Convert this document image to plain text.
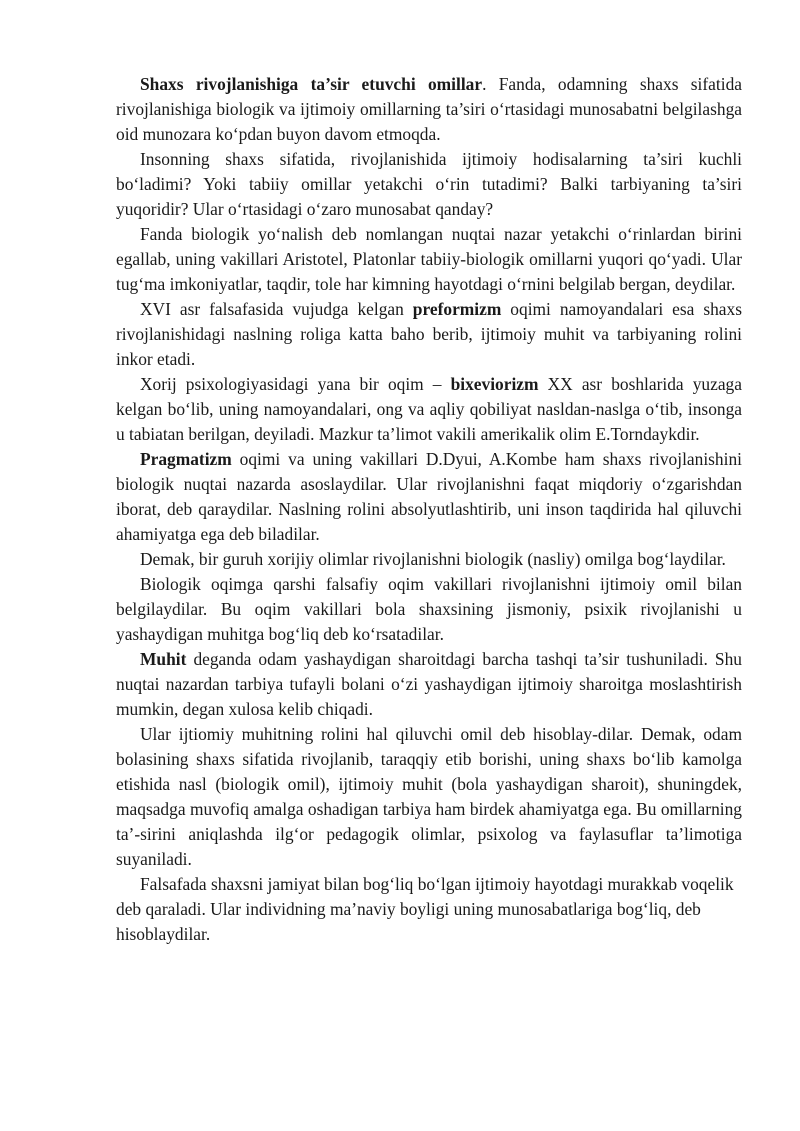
Shaxs rivojlanishiga ta’sir etuvchi omillar. Fanda, odamning shaxs sifatida rivojlanishiga biologik va ijtimoiy omillarning ta’siri o‘rtasidagi munosabatni belgilashga oid munozara ko‘pdan buyon davom etmoqda.

Insonning shaxs sifatida, rivojlanishida ijtimoiy hodisalarning ta’siri kuchli bo‘ladimi? Yoki tabiiy omillar yetakchi o‘rin tutadimi? Balki tarbiyaning ta’siri yuqoridir? Ular o‘rtasidagi o‘zaro munosabat qanday?

Fanda biologik yo‘nalish deb nomlangan nuqtai nazar yetakchi o‘rinlardan birini egallab, uning vakillari Aristotel, Platonlar tabiiy-biologik omillarni yuqori qo‘yadi. Ular tug‘ma imkoniyatlar, taqdir, tole har kimning hayotdagi o‘rnini belgilab bergan, deydilar.

XVI asr falsafasida vujudga kelgan preformizm oqimi namoyandalari esa shaxs rivojlanishidagi naslning roliga katta baho berib, ijtimoiy muhit va tarbiyaning rolini inkor etadi.

Xorij psixologiyasidagi yana bir oqim – bixeviorizm XX asr boshlarida yuzaga kelgan bo‘lib, uning namoyandalari, ong va aqliy qobiliyat nasldan-naslga o‘tib, insonga u tabiatan berilgan, deyiladi. Mazkur ta’limot vakili amerikalik olim E.Torndaykdir.

Pragmatizm oqimi va uning vakillari D.Dyui, A.Kombe ham shaxs rivojlanishini biologik nuqtai nazarda asoslaydilar. Ular rivojlanishni faqat miqdoriy o‘zgarishdan iborat, deb qaraydilar. Naslning rolini absolyutlashtirib, uni inson taqdirida hal qiluvchi ahamiyatga ega deb biladilar.

Demak, bir guruh xorijiy olimlar rivojlanishni biologik (nasliy) omilga bog‘laydilar.

Biologik oqimga qarshi falsafiy oqim vakillari rivojlanishni ijtimoiy omil bilan belgilaydilar. Bu oqim vakillari bola shaxsining jismoniy, psixik rivojlanishi u yashaydigan muhitga bog‘liq deb ko‘rsatadilar.

Muhit deganda odam yashaydigan sharoitdagi barcha tashqi ta’sir tushuniladi. Shu nuqtai nazardan tarbiya tufayli bolani o‘zi yashaydigan ijtimoiy sharoitga moslashtirish mumkin, degan xulosa kelib chiqadi.

Ular ijtiomiy muhitning rolini hal qiluvchi omil deb hisoblay-dilar. Demak, odam bolasining shaxs sifatida rivojlanib, taraqqiy etib borishi, uning shaxs bo‘lib kamolga etishida nasl (biologik omil), ijtimoiy muhit (bola yashaydigan sharoit), shuningdek, maqsadga muvofiq amalga oshadigan tarbiya ham birdek ahamiyatga ega. Bu omillarning ta’-sirini aniqlashda ilg‘or pedagogik olimlar, psixolog va faylasuflar ta’limotiga suyaniladi.

Falsafada shaxsni jamiyat bilan bog‘liq bo‘lgan ijtimoiy hayotdagi murakkab voqelik deb qaraladi. Ular individning ma’naviy boyligi uning munosabatlariga bog‘liq, deb hisoblaydilar.
